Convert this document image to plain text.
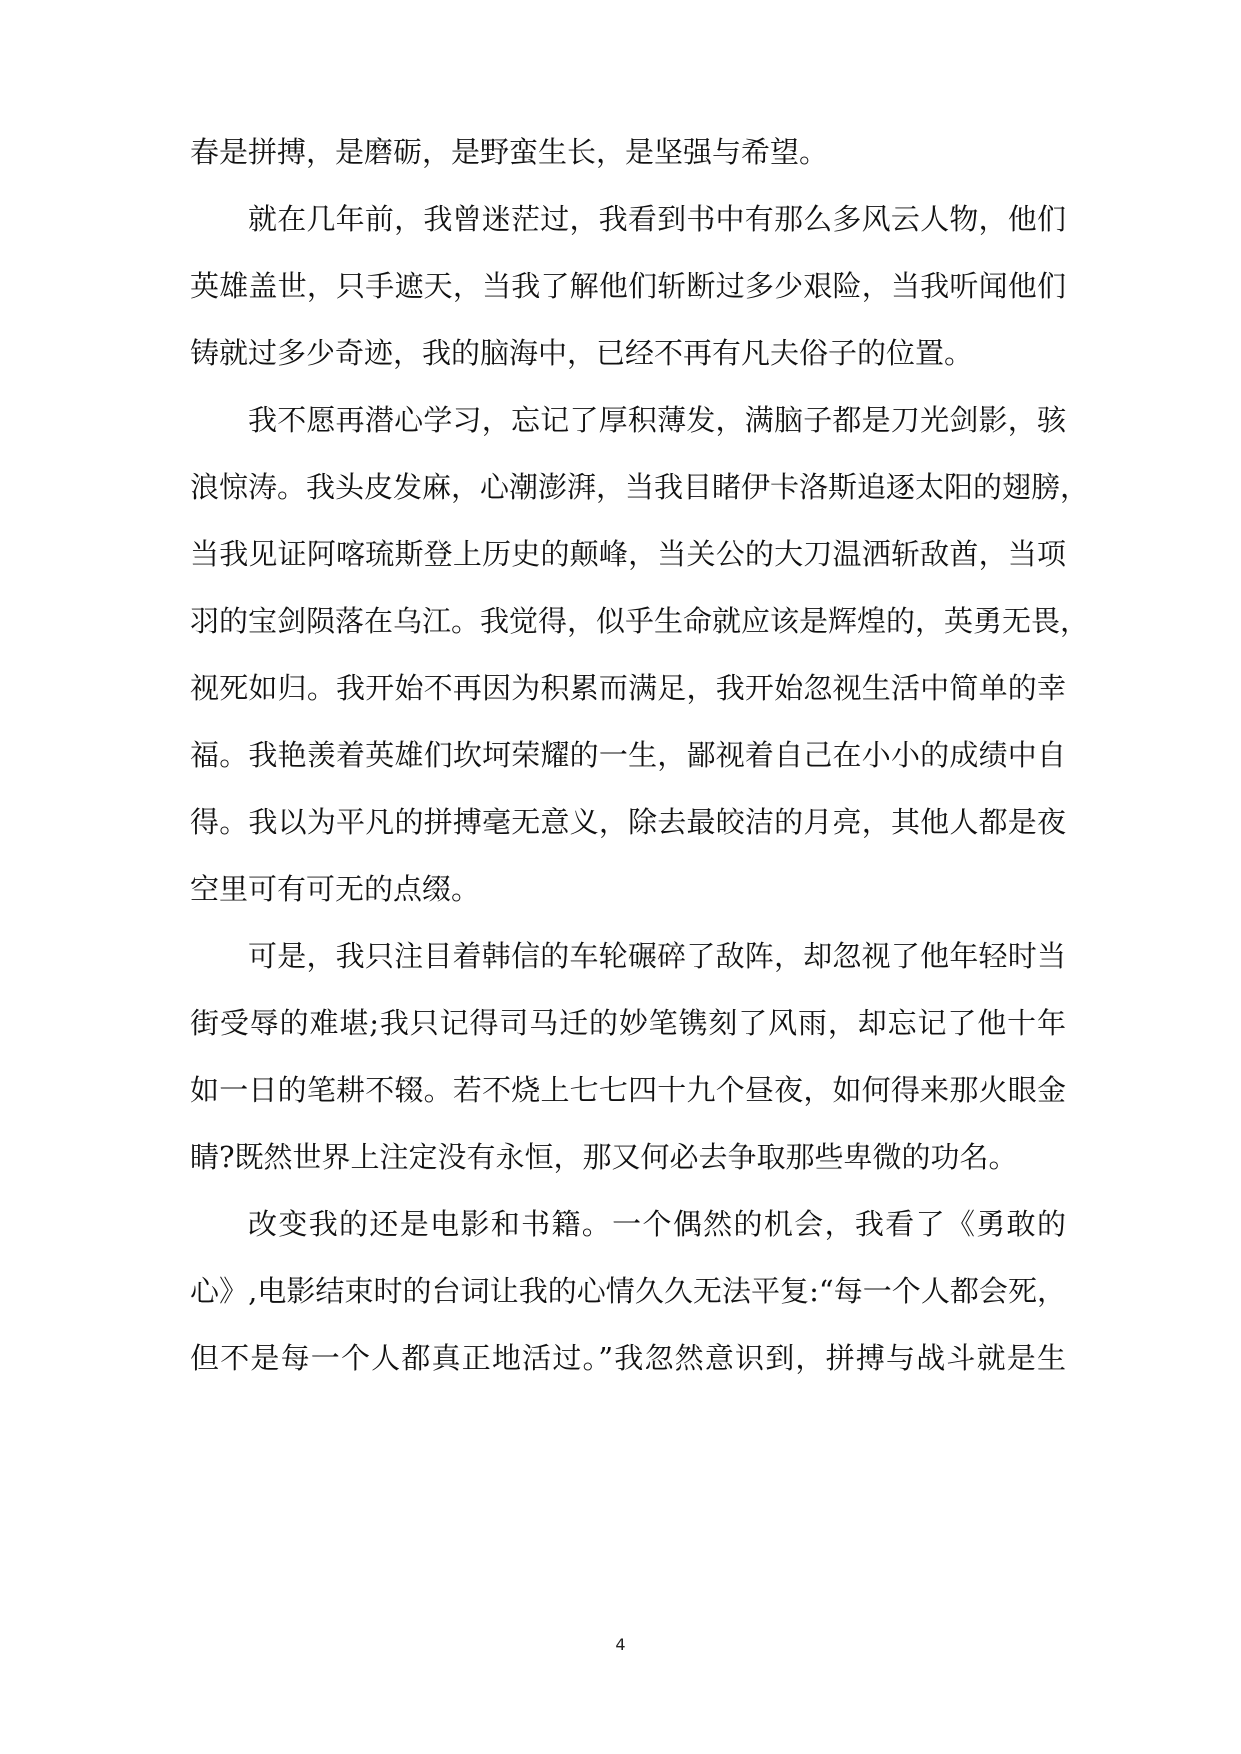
春是拼搏，是磨砺，是野蛮生长，是坚强与希望。
就在几年前，我曾迷茫过，我看到书中有那么多风云人物，他们
英雄盖世，只手遮天，当我了解他们斩断过多少艰险，当我听闻他们
铸就过多少奇迹，我的脑海中，已经不再有凡夫俗子的位置。
我不愿再潜心学习，忘记了厚积薄发，满脑子都是刀光剑影，骇
浪惊涛。我头皮发麻，心潮澎湃，当我目睹伊卡洛斯追逐太阳的翅膀，
当我见证阿喀琉斯登上历史的颠峰，当关公的大刀温洒斩敌酋，当项
羽的宝剑陨落在乌江。我觉得，似乎生命就应该是辉煌的，英勇无畏，
视死如归。我开始不再因为积累而满足，我开始忽视生活中简单的幸
福。我艳羡着英雄们坎坷荣耀的一生，鄙视着自己在小小的成绩中自
得。我以为平凡的拼搏毫无意义，除去最皎洁的月亮，其他人都是夜
空里可有可无的点缀。
可是，我只注目着韩信的车轮碾碎了敌阵，却忽视了他年轻时当
街受辱的难堪;我只记得司马迁的妙笔镌刻了风雨，却忘记了他十年
如一日的笔耕不辍。若不烧上七七四十九个昼夜，如何得来那火眼金
睛?既然世界上注定没有永恒，那又何必去争取那些卑微的功名。
改变我的还是电影和书籍。一个偶然的机会，我看了《勇敢的
心》,电影结束时的台词让我的心情久久无法平复:“每一个人都会死，
但不是每一个人都真正地活过。”我忽然意识到，拼搏与战斗就是生
4
